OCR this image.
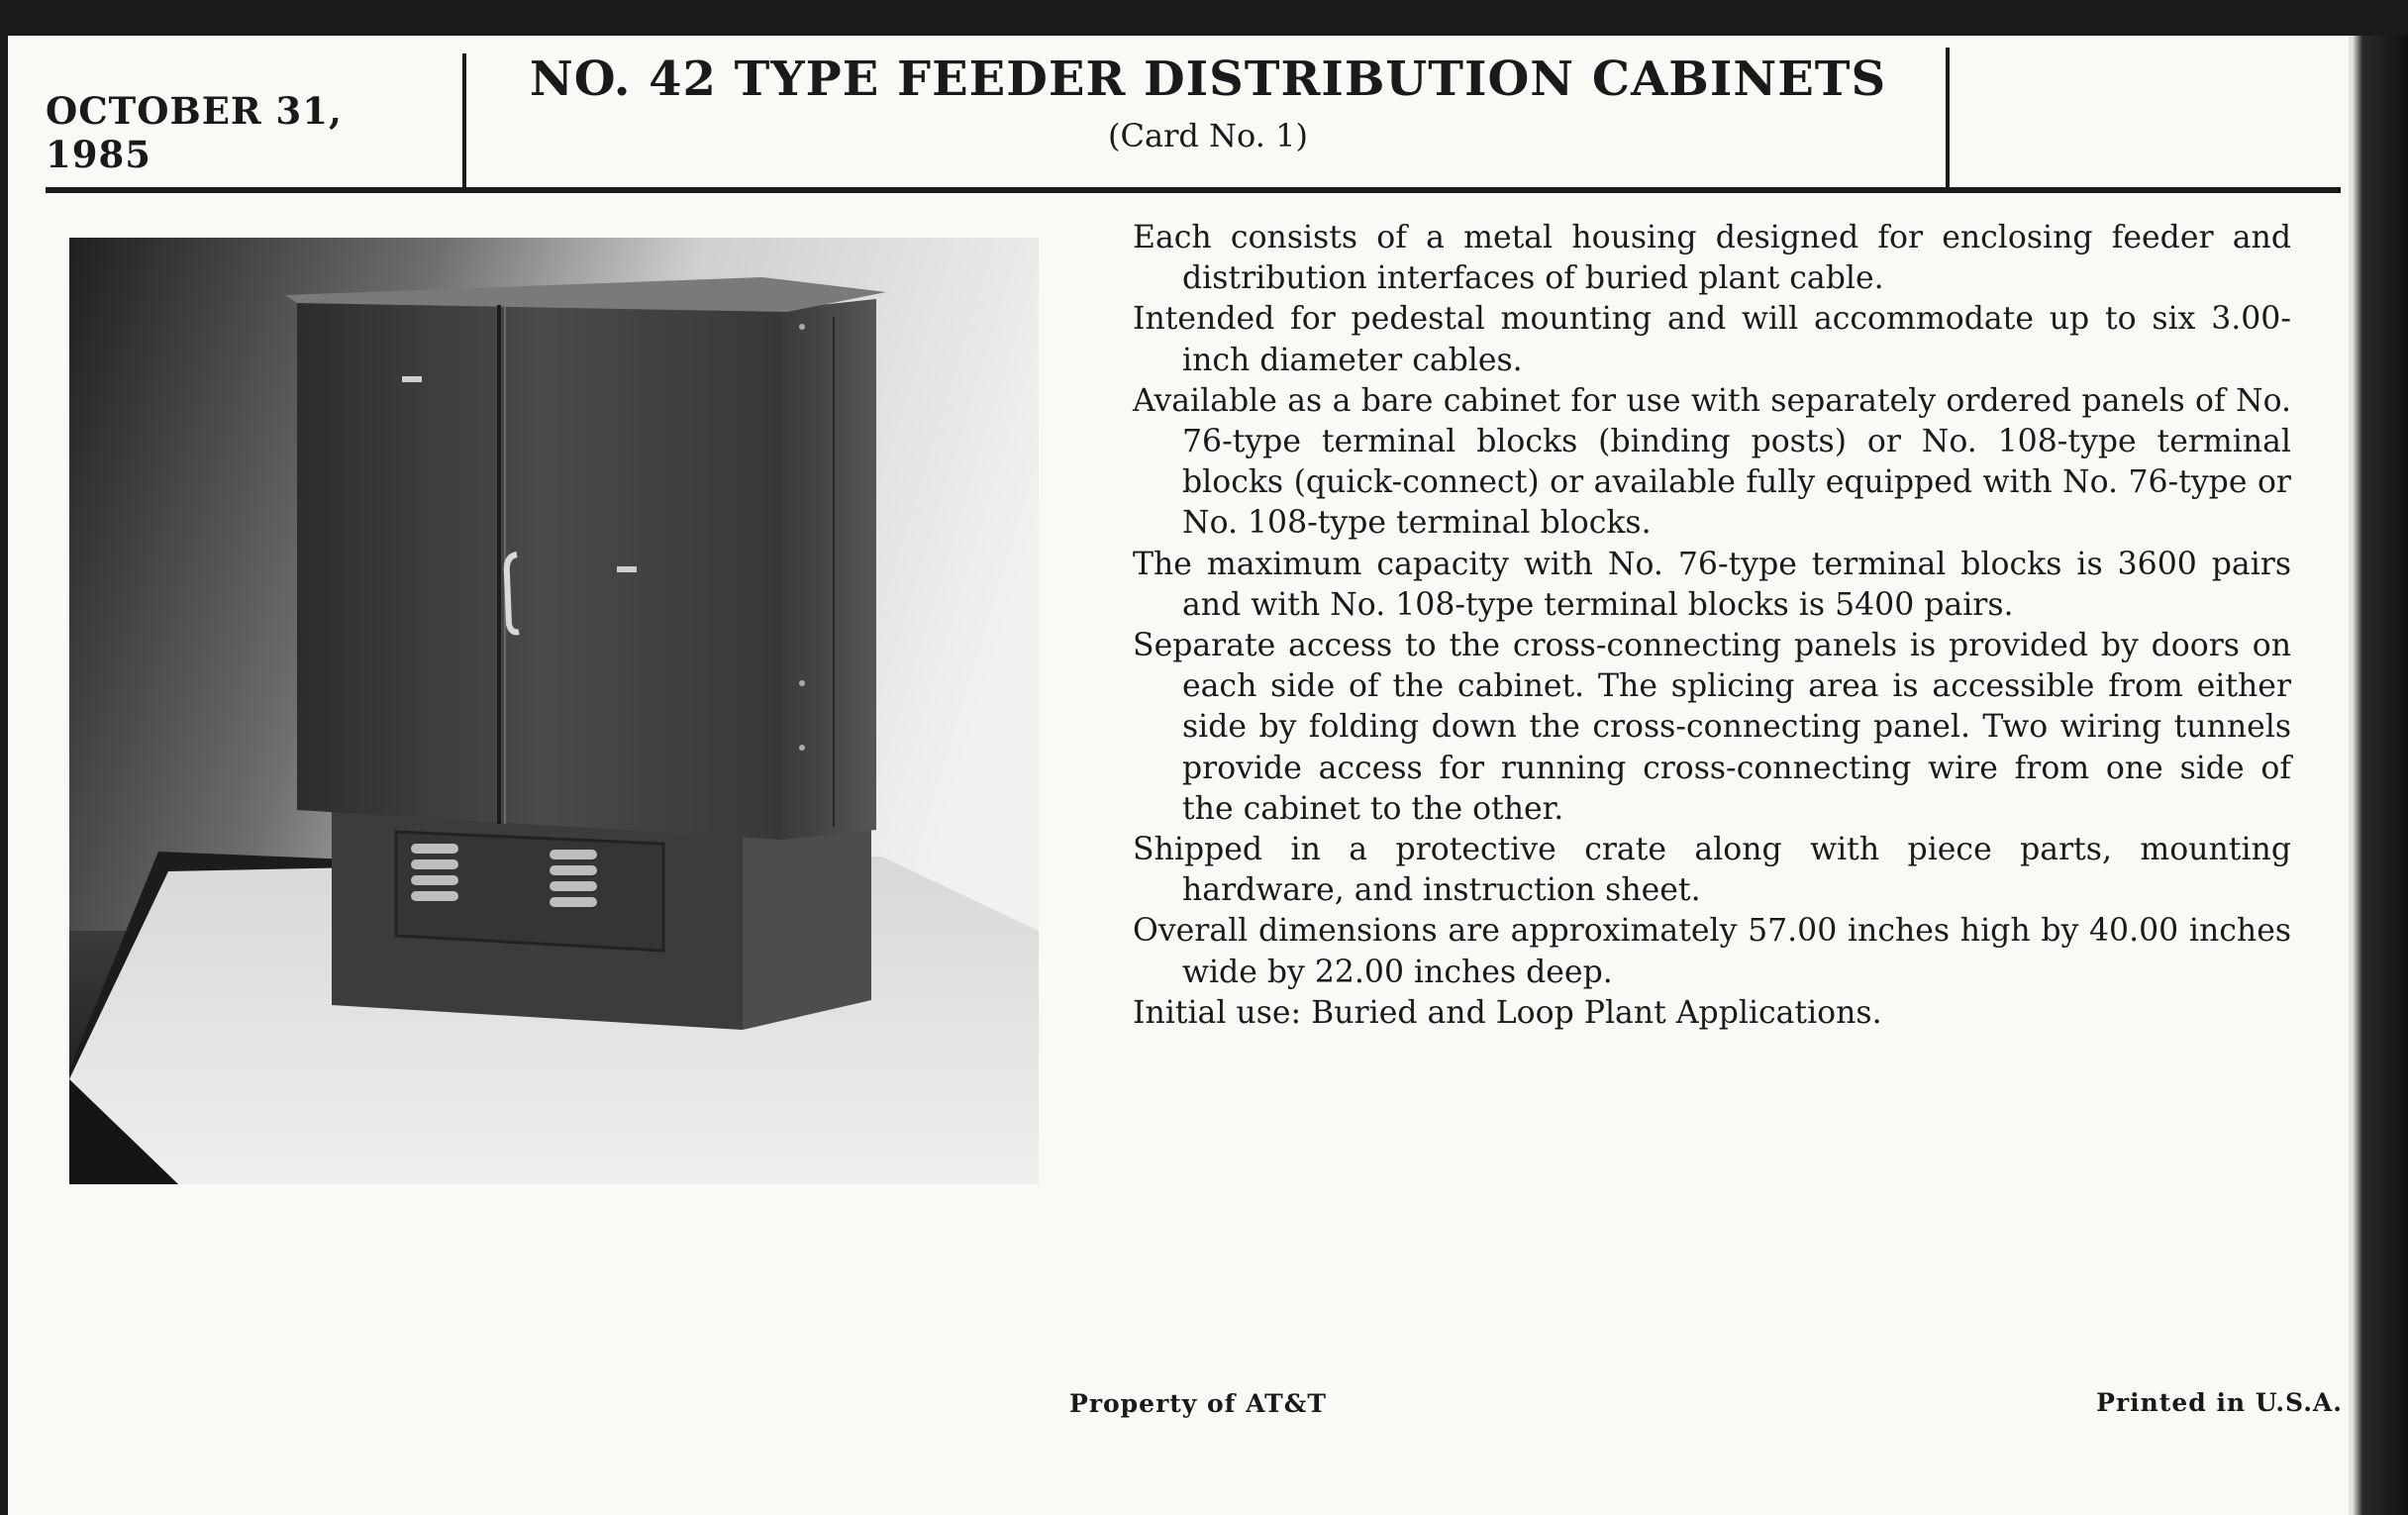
OCTOBER 31, 1985
NO. 42 TYPE FEEDER DISTRIBUTION CABINETS
(Card No. 1)

Each consists of a metal housing designed for enclosing feeder and distribution interfaces of buried plant cable.

Intended for pedestal mounting and will accommodate up to six 3.00-inch diameter cables.

Available as a bare cabinet for use with separately ordered panels of No. 76-type terminal blocks (binding posts) or No. 108-type terminal blocks (quick-connect) or available fully equipped with No. 76-type or No. 108-type terminal blocks.

The maximum capacity with No. 76-type terminal blocks is 3600 pairs and with No. 108-type terminal blocks is 5400 pairs.

Separate access to the cross-connecting panels is provided by doors on each side of the cabinet. The splicing area is accessible from either side by folding down the cross-connecting panel. Two wiring tunnels provide access for running cross-connecting wire from one side of the cabinet to the other.

Shipped in a protective crate along with piece parts, mounting hardware, and instruction sheet.

Overall dimensions are approximately 57.00 inches high by 40.00 inches wide by 22.00 inches deep.

Initial use: Buried and Loop Plant Applications.

Property of AT&T	Printed in U.S.A.
